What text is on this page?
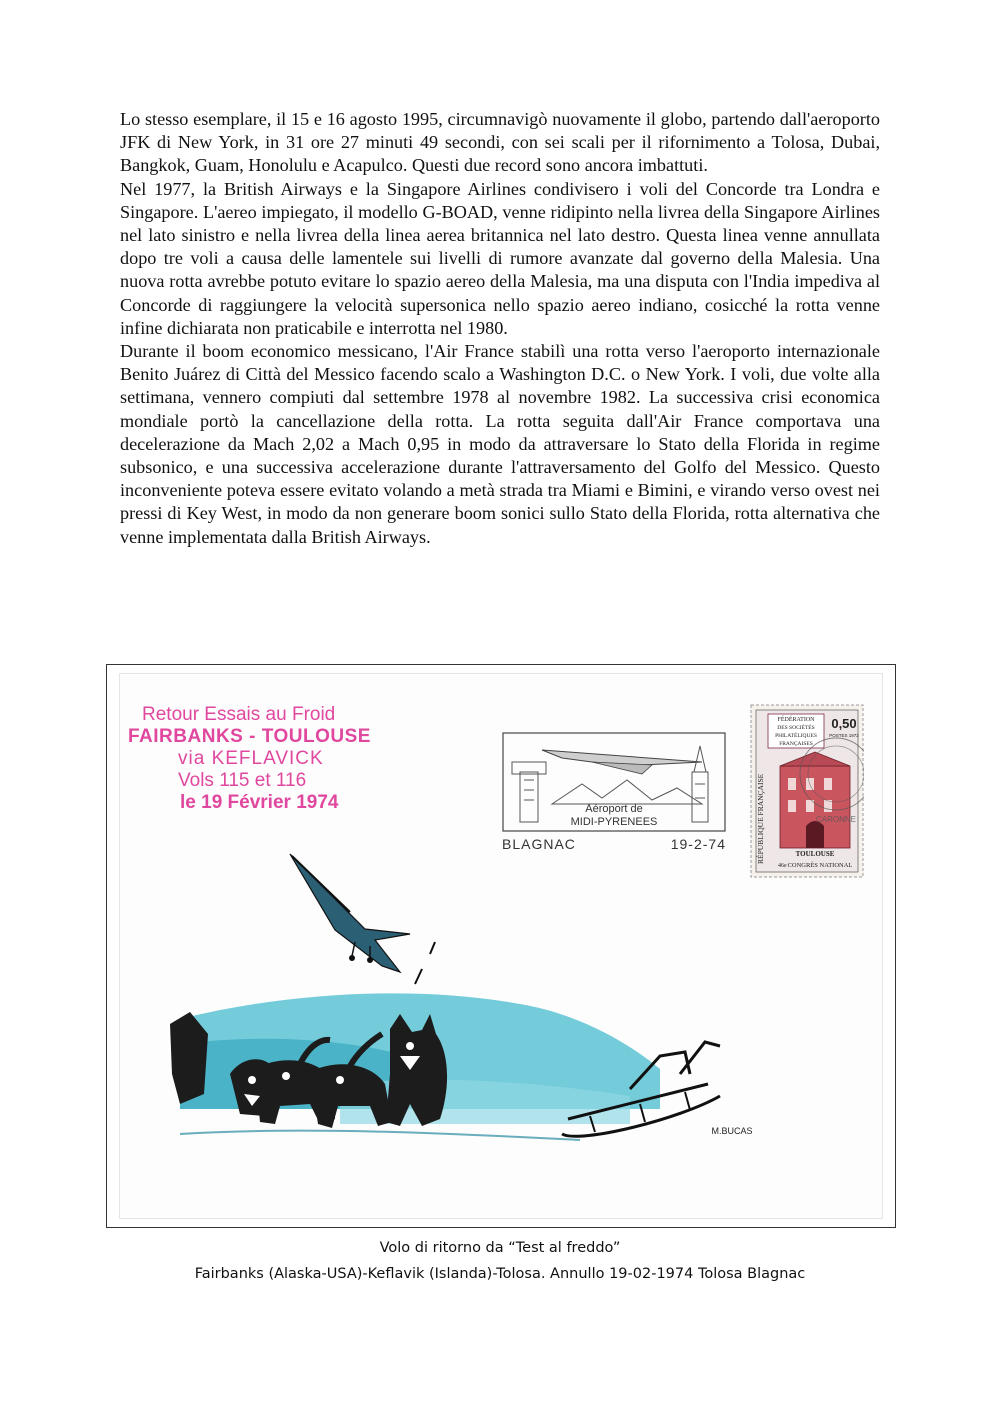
Lo stesso esemplare, il 15 e 16 agosto 1995, circumnavigò nuovamente il globo, partendo dall'aeroporto JFK di New York, in 31 ore 27 minuti 49 secondi, con sei scali per il rifornimento a Tolosa, Dubai, Bangkok, Guam, Honolulu e Acapulco. Questi due record sono ancora imbattuti.

Nel 1977, la British Airways e la Singapore Airlines condivisero i voli del Concorde tra Londra e Singapore. L'aereo impiegato, il modello G-BOAD, venne ridipinto nella livrea della Singapore Airlines nel lato sinistro e nella livrea della linea aerea britannica nel lato destro. Questa linea venne annullata dopo tre voli a causa delle lamentele sui livelli di rumore avanzate dal governo della Malesia. Una nuova rotta avrebbe potuto evitare lo spazio aereo della Malesia, ma una disputa con l'India impediva al Concorde di raggiungere la velocità supersonica nello spazio aereo indiano, cosicché la rotta venne infine dichiarata non praticabile e interrotta nel 1980.

Durante il boom economico messicano, l'Air France stabilì una rotta verso l'aeroporto internazionale Benito Juárez di Città del Messico facendo scalo a Washington D.C. o New York. I voli, due volte alla settimana, vennero compiuti dal settembre 1978 al novembre 1982. La successiva crisi economica mondiale portò la cancellazione della rotta. La rotta seguita dall'Air France comportava una decelerazione da Mach 2,02 a Mach 0,95 in modo da attraversare lo Stato della Florida in regime subsonico, e una successiva accelerazione durante l'attraversamento del Golfo del Messico. Questo inconveniente poteva essere evitato volando a metà strada tra Miami e Bimini, e virando verso ovest nei pressi di Key West, in modo da non generare boom sonici sullo Stato della Florida, rotta alternativa che venne implementata dalla British Airways.

Retour Essais au Froid
FAIRBANKS - TOULOUSE
via KEFLAVICK
Vols 115 et 116
le 19 Février 1974	Aéroport de
MIDI-PYRENEES
BLAGNAC	19-2-74
FÉDÉRATION
DES SOCIÉTÉS
PHILATÉLIQUES
FRANÇAISES
0,50
POSTES 1972
RÉPUBLIQUE FRANÇAISE	CARONNE
TOULOUSE
46e CONGRÈS NATIONAL
M.BUCAS
Volo di ritorno da “Test al freddo”
Fairbanks (Alaska-USA)-Keflavik (Islanda)-Tolosa. Annullo 19-02-1974 Tolosa Blagnac
